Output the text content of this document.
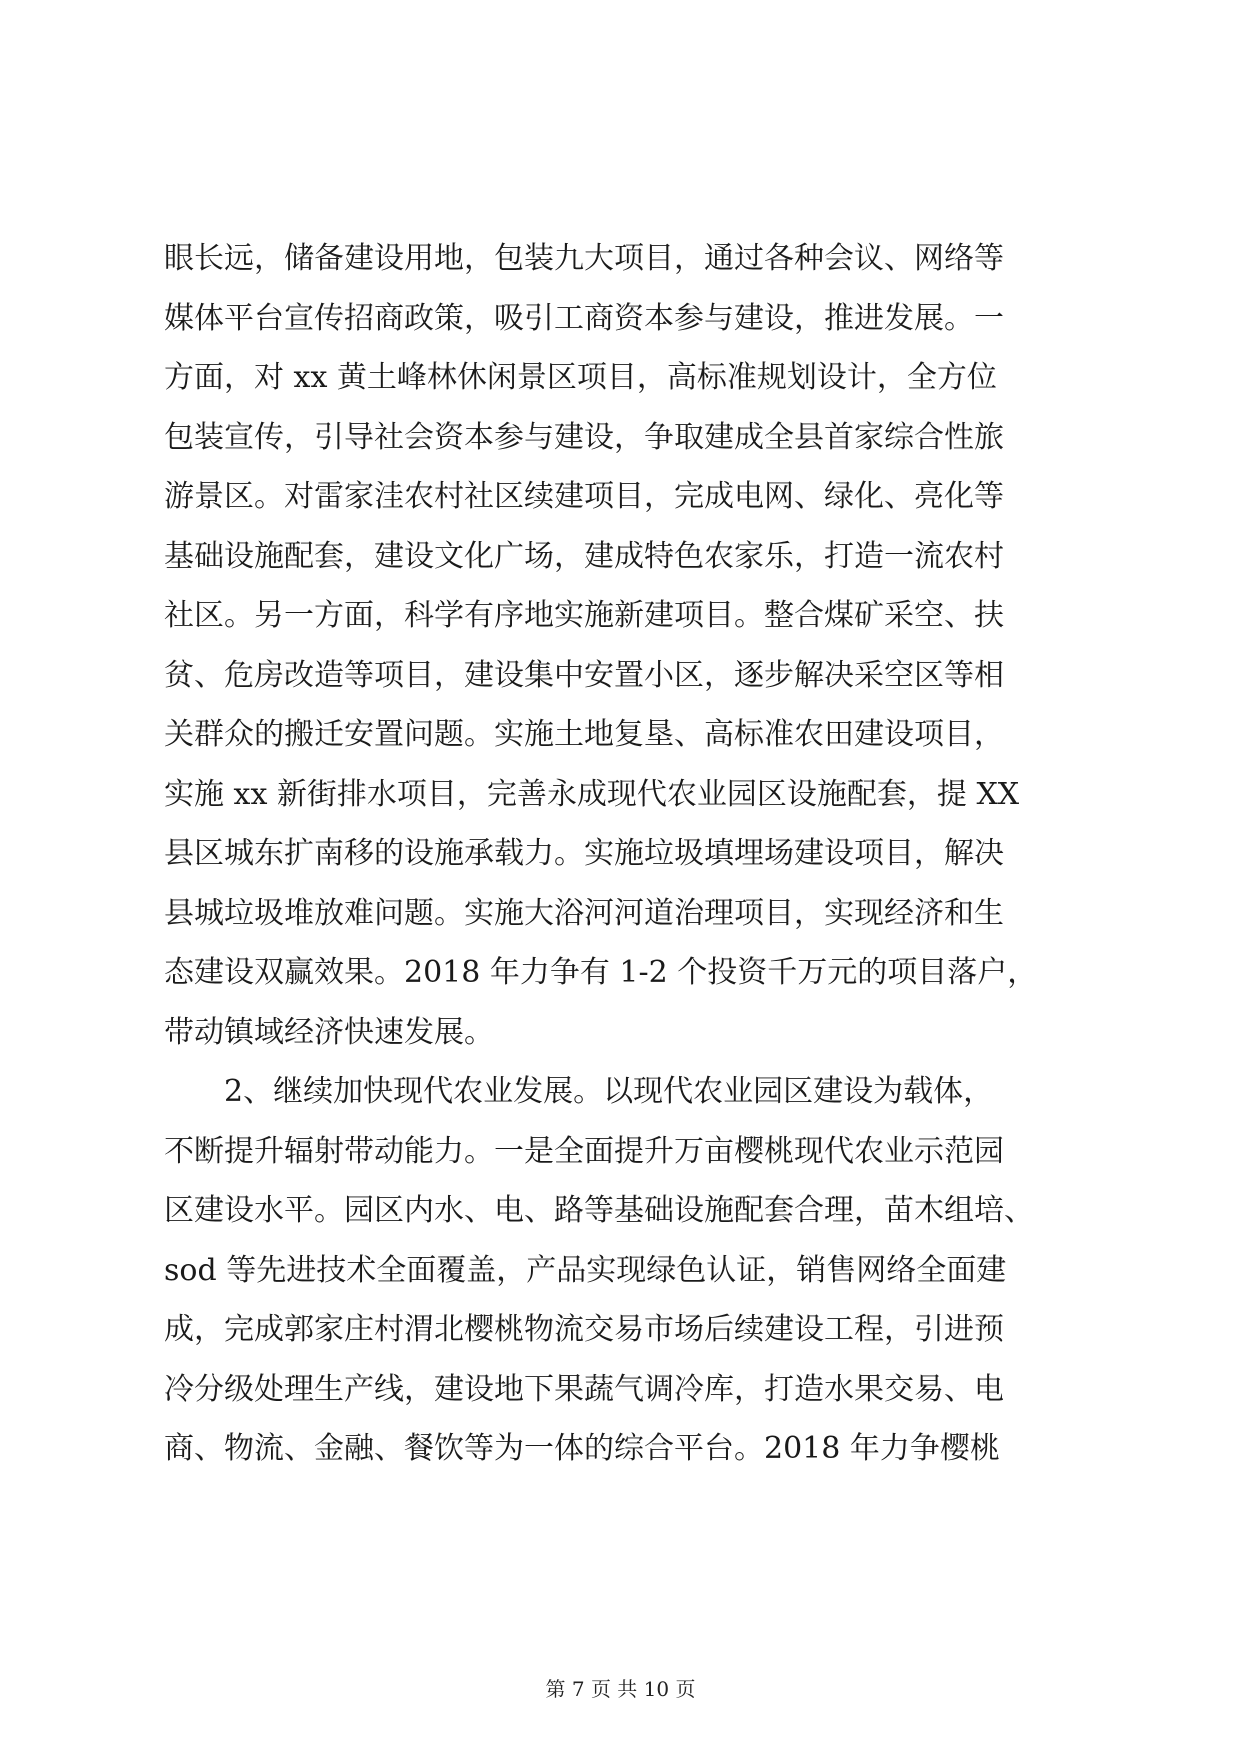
眼长远，储备建设用地，包装九大项目，通过各种会议、网络等
媒体平台宣传招商政策，吸引工商资本参与建设，推进发展。一
方面，对 xx 黄土峰林休闲景区项目，高标准规划设计，全方位
包装宣传，引导社会资本参与建设，争取建成全县首家综合性旅
游景区。对雷家洼农村社区续建项目，完成电网、绿化、亮化等
基础设施配套，建设文化广场，建成特色农家乐，打造一流农村
社区。另一方面，科学有序地实施新建项目。整合煤矿采空、扶
贫、危房改造等项目，建设集中安置小区，逐步解决采空区等相
关群众的搬迁安置问题。实施土地复垦、高标准农田建设项目，
实施 xx 新街排水项目，完善永成现代农业园区设施配套，提 XX
县区城东扩南移的设施承载力。实施垃圾填埋场建设项目，解决
县城垃圾堆放难问题。实施大浴河河道治理项目，实现经济和生
态建设双赢效果。2018 年力争有 1-2 个投资千万元的项目落户，
带动镇域经济快速发展。
　　2、继续加快现代农业发展。以现代农业园区建设为载体，
不断提升辐射带动能力。一是全面提升万亩樱桃现代农业示范园
区建设水平。园区内水、电、路等基础设施配套合理，苗木组培、
sod 等先进技术全面覆盖，产品实现绿色认证，销售网络全面建
成，完成郭家庄村渭北樱桃物流交易市场后续建设工程，引进预
冷分级处理生产线，建设地下果蔬气调冷库，打造水果交易、电
商、物流、金融、餐饮等为一体的综合平台。2018 年力争樱桃
第 7 页 共 10 页
